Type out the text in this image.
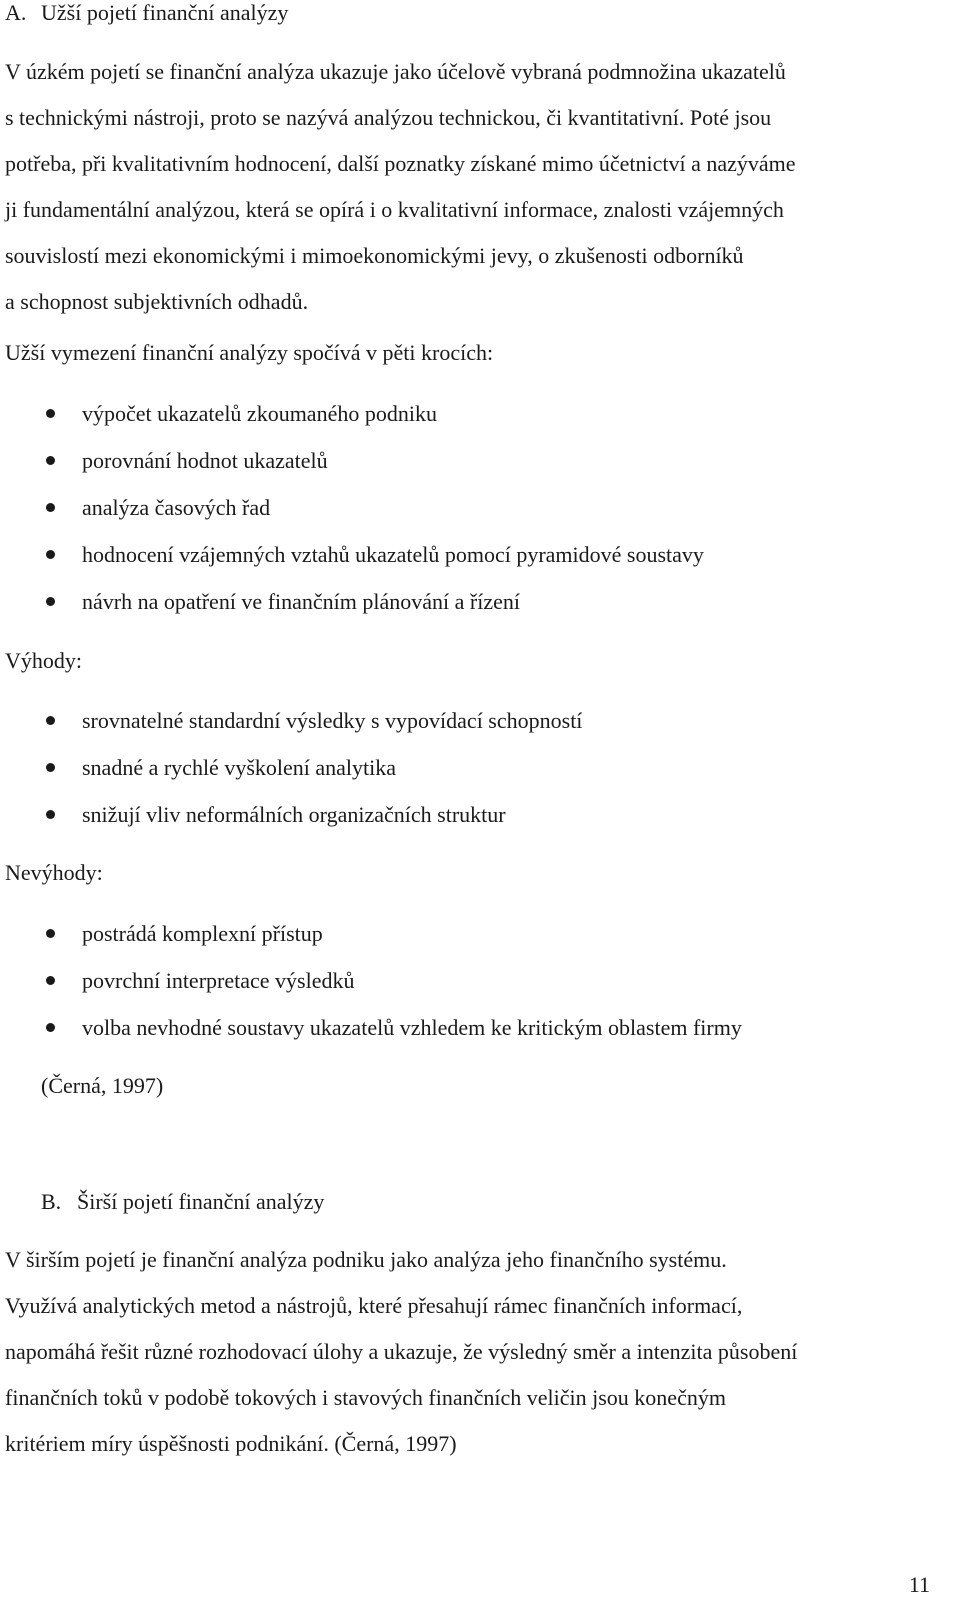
A. Užší pojetí finanční analýzy
V úzkém pojetí se finanční analýza ukazuje jako účelově vybraná podmnožina ukazatelů
s technickými nástroji, proto se nazývá analýzou technickou, či kvantitativní. Poté jsou
potřeba, při kvalitativním hodnocení, další poznatky získané mimo účetnictví a nazýváme
ji fundamentální analýzou, která se opírá i o kvalitativní informace, znalosti vzájemných
souvislostí mezi ekonomickými i mimoekonomickými jevy, o zkušenosti odborníků
a schopnost subjektivních odhadů.
Užší vymezení finanční analýzy spočívá v pěti krocích:
výpočet ukazatelů zkoumaného podniku
porovnání hodnot ukazatelů
analýza časových řad
hodnocení vzájemných vztahů ukazatelů pomocí pyramidové soustavy
návrh na opatření ve finančním plánování a řízení
Výhody:
srovnatelné standardní výsledky s vypovídací schopností
snadné a rychlé vyškolení analytika
snižují vliv neformálních organizačních struktur
Nevýhody:
postrádá komplexní přístup
povrchní interpretace výsledků
volba nevhodné soustavy ukazatelů vzhledem ke kritickým oblastem firmy
(Černá, 1997)
B. Širší pojetí finanční analýzy
V širším pojetí je finanční analýza podniku jako analýza jeho finančního systému.
Využívá analytických metod a nástrojů, které přesahují rámec finančních informací,
napomáhá řešit různé rozhodovací úlohy a ukazuje, že výsledný směr a intenzita působení
finančních toků v podobě tokových i stavových finančních veličin jsou konečným
kritériem míry úspěšnosti podnikání. (Černá, 1997)
11
